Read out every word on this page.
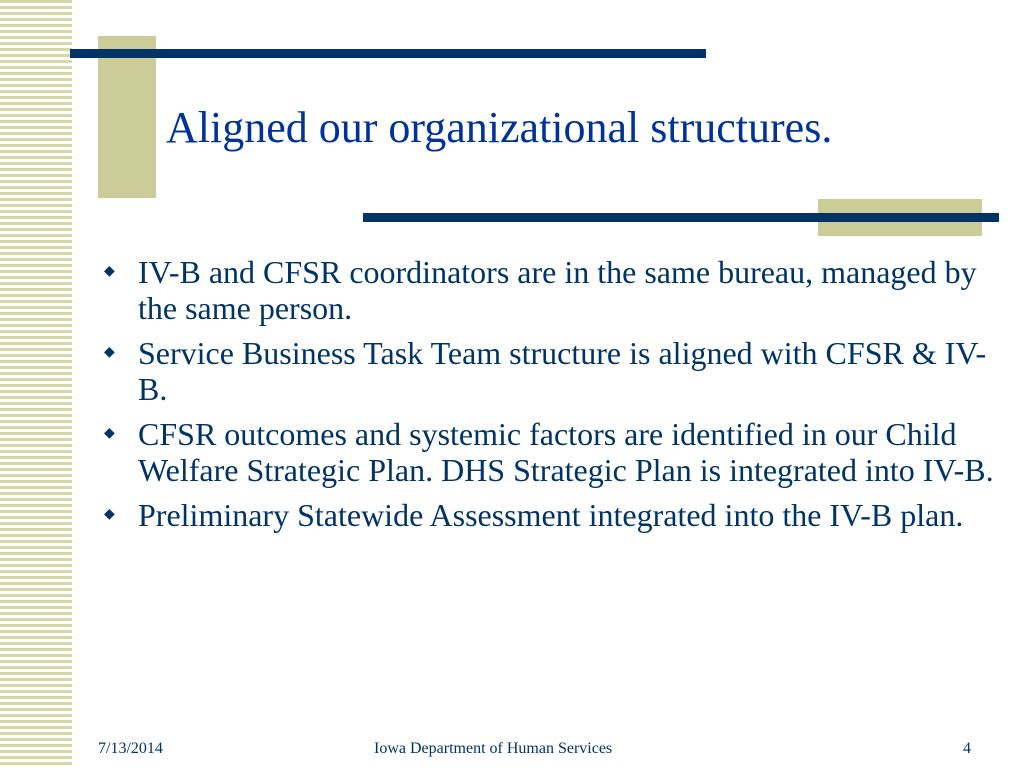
Aligned our organizational structures.
◆ IV-B and CFSR coordinators are in the same bureau, managed by the same person.
◆ Service Business Task Team structure is aligned with CFSR & IV-B.
◆ CFSR outcomes and systemic factors are identified in our Child Welfare Strategic Plan. DHS Strategic Plan is integrated into IV-B.
◆ Preliminary Statewide Assessment integrated into the IV-B plan.
7/13/2014	Iowa Department of Human Services	4
